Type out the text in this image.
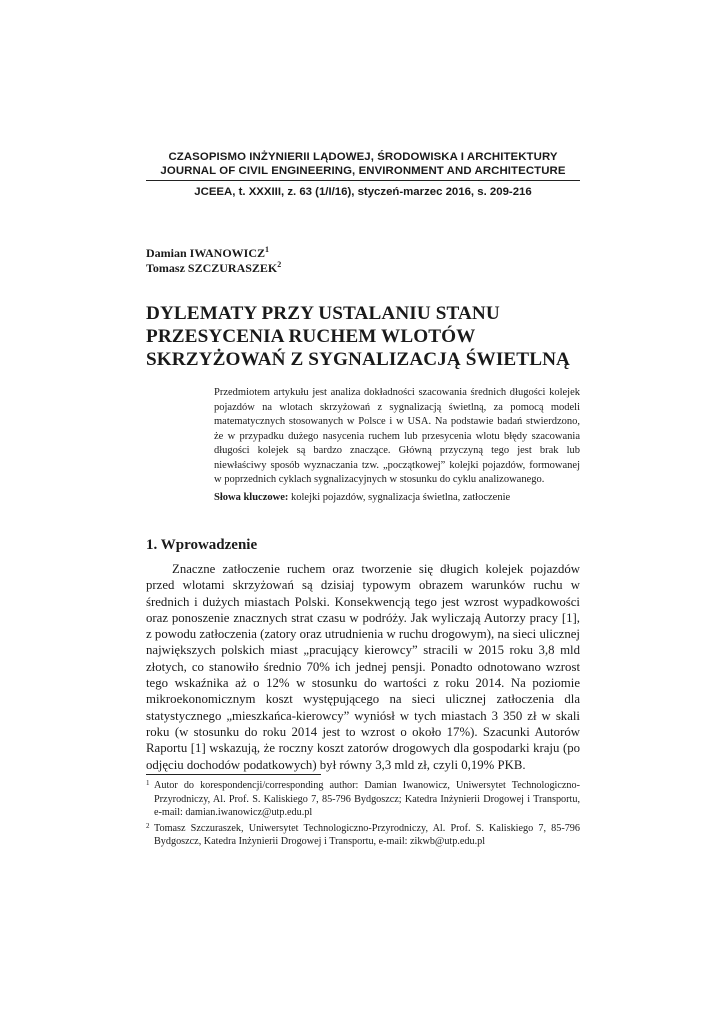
CZASOPISMO INŻYNIERII LĄDOWEJ, ŚRODOWISKA I ARCHITEKTURY
JOURNAL OF CIVIL ENGINEERING, ENVIRONMENT AND ARCHITECTURE
JCEEA, t. XXXIII, z. 63 (1/I/16), styczeń-marzec 2016, s. 209-216
Damian IWANOWICZ$^1$
Tomasz SZCZURASZEK$^2$
DYLEMATY PRZY USTALANIU STANU
PRZESYCENIA RUCHEM WLOTÓW
SKRZYŻOWAŃ Z SYGNALIZACJĄ ŚWIETLNĄ
Przedmiotem artykułu jest analiza dokładności szacowania średnich długości kolejek pojazdów na wlotach skrzyżowań z sygnalizacją świetlną, za pomocą modeli matematycznych stosowanych w Polsce i w USA. Na podstawie badań stwierdzono, że w przypadku dużego nasycenia ruchem lub przesycenia wlotu błędy szacowania długości kolejek są bardzo znaczące. Główną przyczyną tego jest brak lub niewłaściwy sposób wyznaczania tzw. „początkowej” kolejki pojazdów, formowanej w poprzednich cyklach sygnalizacyjnych w stosunku do cyklu analizowanego.
Słowa kluczowe: kolejki pojazdów, sygnalizacja świetlna, zatłoczenie
1. Wprowadzenie

Znaczne zatłoczenie ruchem oraz tworzenie się długich kolejek pojazdów przed wlotami skrzyżowań są dzisiaj typowym obrazem warunków ruchu w średnich i dużych miastach Polski. Konsekwencją tego jest wzrost wypadkowości oraz ponoszenie znacznych strat czasu w podróży. Jak wyliczają Autorzy pracy [1], z powodu zatłoczenia (zatory oraz utrudnienia w ruchu drogowym), na sieci ulicznej największych polskich miast „pracujący kierowcy” stracili w 2015 roku 3,8 mld złotych, co stanowiło średnio 70% ich jednej pensji. Ponadto odnotowano wzrost tego wskaźnika aż o 12% w stosunku do wartości z roku 2014. Na poziomie mikroekonomicznym koszt występującego na sieci ulicznej zatłoczenia dla statystycznego „mieszkańca-kierowcy” wyniósł w tych miastach 3 350 zł w skali roku (w stosunku do roku 2014 jest to wzrost o około 17%). Szacunki Autorów Raportu [1] wskazują, że roczny koszt zatorów drogowych dla gospodarki kraju (po odjęciu dochodów podatkowych) był równy 3,3 mld zł, czyli 0,19% PKB.

1 Autor do korespondencji/corresponding author: Damian Iwanowicz, Uniwersytet Technologiczno-Przyrodniczy, Al. Prof. S. Kaliskiego 7, 85-796 Bydgoszcz; Katedra Inżynierii Drogowej i Transportu, e-mail: damian.iwanowicz@utp.edu.pl
2 Tomasz Szczuraszek, Uniwersytet Technologiczno-Przyrodniczy, Al. Prof. S. Kaliskiego 7, 85-796 Bydgoszcz, Katedra Inżynierii Drogowej i Transportu, e-mail: zikwb@utp.edu.pl
